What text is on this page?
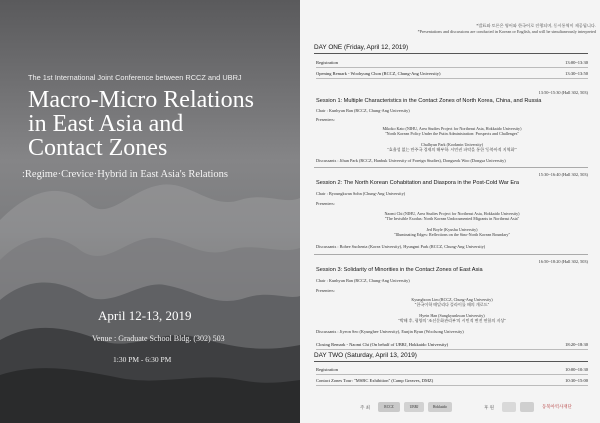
The 1st International Joint Conference between RCCZ and UBRJ
Macro-Micro Relations
in East Asia and
Contact Zones
:Regime·Crevice·Hybrid in East Asia's Relations
April 12-13, 2019
Venue : Graduate School Bldg. (302) 503
1:30 PM - 6:30 PM
*발표와 토론은 영어와 한국어로 진행되며, 동시통역이 제공됩니다.
*Presentations and discussions are conducted in Korean or English, and will be simultaneously interpreted
DAY ONE (Friday, April 12, 2019)
Registration	13:00~13:30
Opening Remark - Woohyung Chon (RCCZ, Chung-Ang University)	13:30~13:50
13:50~15:30 (Hall 302, 503)
Session 1: Multiple Characteristics in the Contact Zones of North Korea, China, and Russia
Chair : Kunhyun Ban (RCCZ, Chung-Ang University)
Presenters:
Mikoko Kato (NIHU, Area Studies Project for Northeast Asia, Hokkaido University)
"North Korean Policy Under the Putin Administration: Prospects and Challenges"
Chulhyun Park (Kookmin University)
"효율성 없는 만주국 경제의 해부학: 시민권 파악을 통한 '동북아적 지역화'"
Discussants : Jihun Park (RCCZ, Hanbuk University of Foreign Studies), Dongseok Woo (Dongsa University)
15:30~16:40 (Hall 302, 503)
Session 2: The North Korean Cohabitation and Diaspora in the Post-Cold War Era
Chair : Byoungkwan Sohn (Chung-Ang University)
Presenters:
Naomi Chi (NIHU, Area Studies Project for Northeast Asia, Hokkaido University)
"The Invisible Exodus: North Korean Undocumented Migrants in Northeast Asia"
Jed Boyle (Kyushu University)
"Illuminating Edges: Reflections on the Sino-North Korean Boundary"
Discussants : Bohee Suchenta (Korea University), Hyungmi Park (RCCZ, Chung-Ang University)
16:50~18:20 (Hall 302, 503)
Session 3: Solidarity of Minorities in the Contact Zones of East Asia
Chair : Kunhyun Ban (RCCZ, Chung-Ang University)
Presenters:
Kyungboon Lim (RCCZ, Chung-Ang University)
"한국이학 매달리다 플라이를 때의 개로드"
Hyein Han (Sungkyunkwan University)
"박해 후, 평양의 '조선문화관리부'의 시민적 변전 연합의 지상"
Discussants : Jiyeon Seo (Kyunghee University), Eunjin Byun (Woolsong University)
Closing Remark - Naomi Chi (On behalf of UBRJ, Hokkaido University)	18:20~18:30
DAY TWO (Saturday, April 13, 2019)
Registration	10:00~10:30
Contact Zones Tour: "MSBC Exhibition" (Camp Greaves, DMZ)	10:30~15:00
주 최	RCCZ	UBRJ	Hokkaido	후 원	동북아역사재단
